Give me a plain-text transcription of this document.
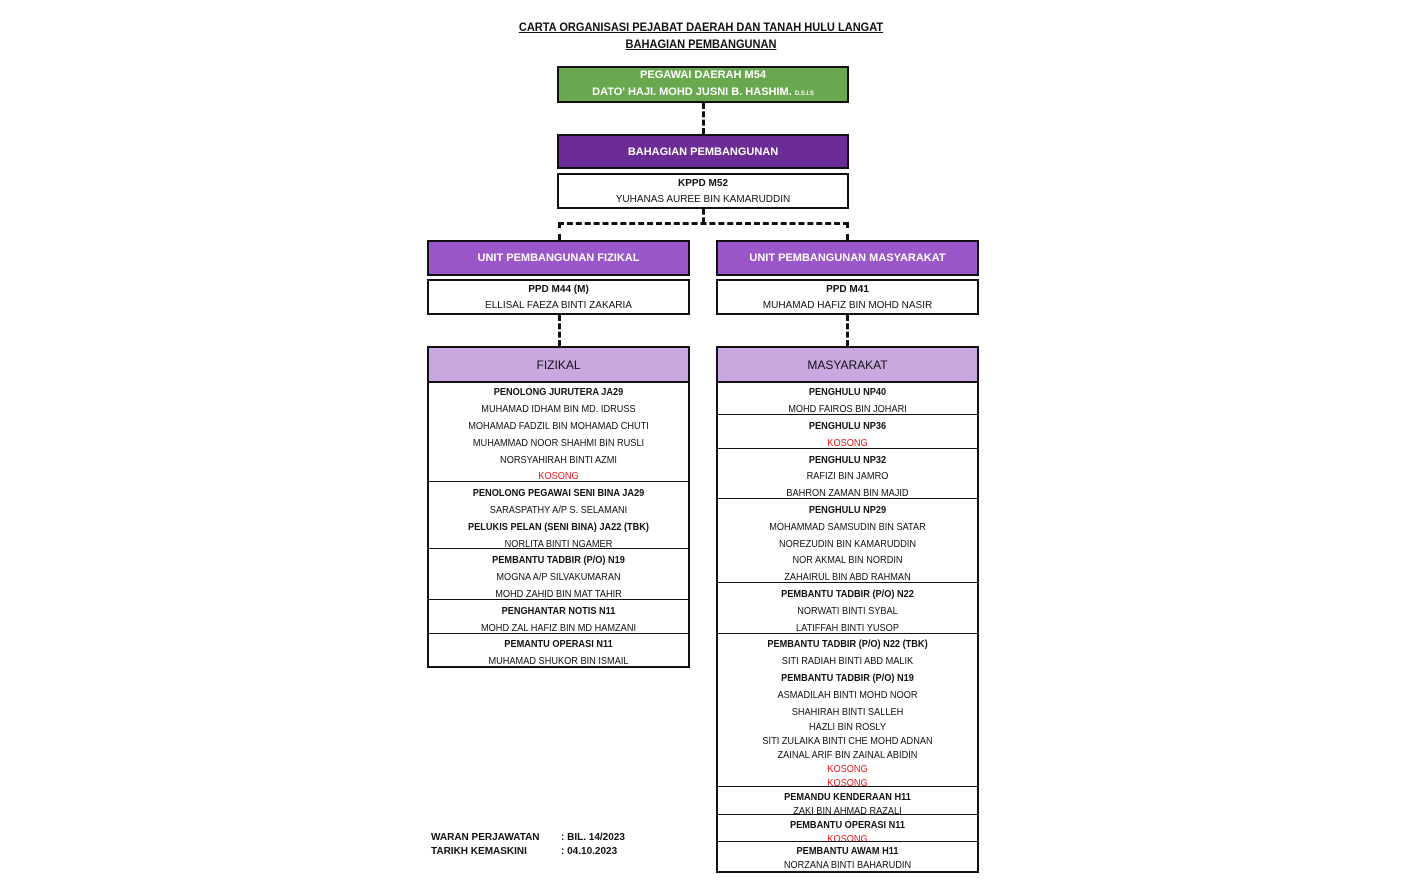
CARTA ORGANISASI PEJABAT DAERAH DAN TANAH HULU LANGAT
BAHAGIAN PEMBANGUNAN
PEGAWAI DAERAH M54
DATO' HAJI. MOHD JUSNI B. HASHIM. D.S.I.S
BAHAGIAN PEMBANGUNAN
KPPD M52
YUHANAS AUREE BIN KAMARUDDIN
UNIT PEMBANGUNAN FIZIKAL
PPD M44 (M)
ELLISAL FAEZA BINTI ZAKARIA
UNIT PEMBANGUNAN MASYARAKAT
PPD M41
MUHAMAD HAFIZ BIN MOHD NASIR
FIZIKAL
PENOLONG JURUTERA JA29
MUHAMAD IDHAM BIN MD. IDRUSS
MOHAMAD FADZIL BIN MOHAMAD CHUTI
MUHAMMAD NOOR SHAHMI BIN RUSLI
NORSYAHIRAH BINTI AZMI
KOSONG
PENOLONG PEGAWAI SENI BINA JA29
SARASPATHY A/P S. SELAMANI
PELUKIS PELAN (SENI BINA) JA22 (TBK)
NORLITA BINTI NGAMER
PEMBANTU TADBIR (P/O) N19
MOGNA A/P SILVAKUMARAN
MOHD ZAHID BIN MAT TAHIR
PENGHANTAR NOTIS N11
MOHD ZAL HAFIZ BIN MD HAMZANI
PEMANTU OPERASI N11
MUHAMAD SHUKOR BIN ISMAIL
MASYARAKAT
PENGHULU NP40
MOHD FAIROS BIN JOHARI
PENGHULU NP36
KOSONG
PENGHULU NP32
RAFIZI BIN JAMRO
BAHRON ZAMAN BIN MAJID
PENGHULU NP29
MOHAMMAD SAMSUDIN BIN SATAR
NOREZUDIN BIN KAMARUDDIN
NOR AKMAL BIN NORDIN
ZAHAIRUL BIN ABD RAHMAN
PEMBANTU TADBIR (P/O) N22
NORWATI BINTI SYBAL
LATIFFAH BINTI YUSOP
PEMBANTU TADBIR (P/O) N22 (TBK)
SITI RADIAH BINTI ABD MALIK
PEMBANTU TADBIR (P/O) N19
ASMADILAH BINTI MOHD NOOR
SHAHIRAH BINTI SALLEH
HAZLI BIN ROSLY
SITI ZULAIKA BINTI CHE MOHD ADNAN
ZAINAL ARIF BIN ZAINAL ABIDIN
KOSONG
KOSONG
PEMANDU KENDERAAN H11
ZAKI BIN AHMAD RAZALI
PEMBANTU OPERASI N11
KOSONG
PEMBANTU AWAM H11
NORZANA BINTI BAHARUDIN
WARAN PERJAWATAN : BIL. 14/2023
TARIKH KEMASKINI	: 04.10.2023
